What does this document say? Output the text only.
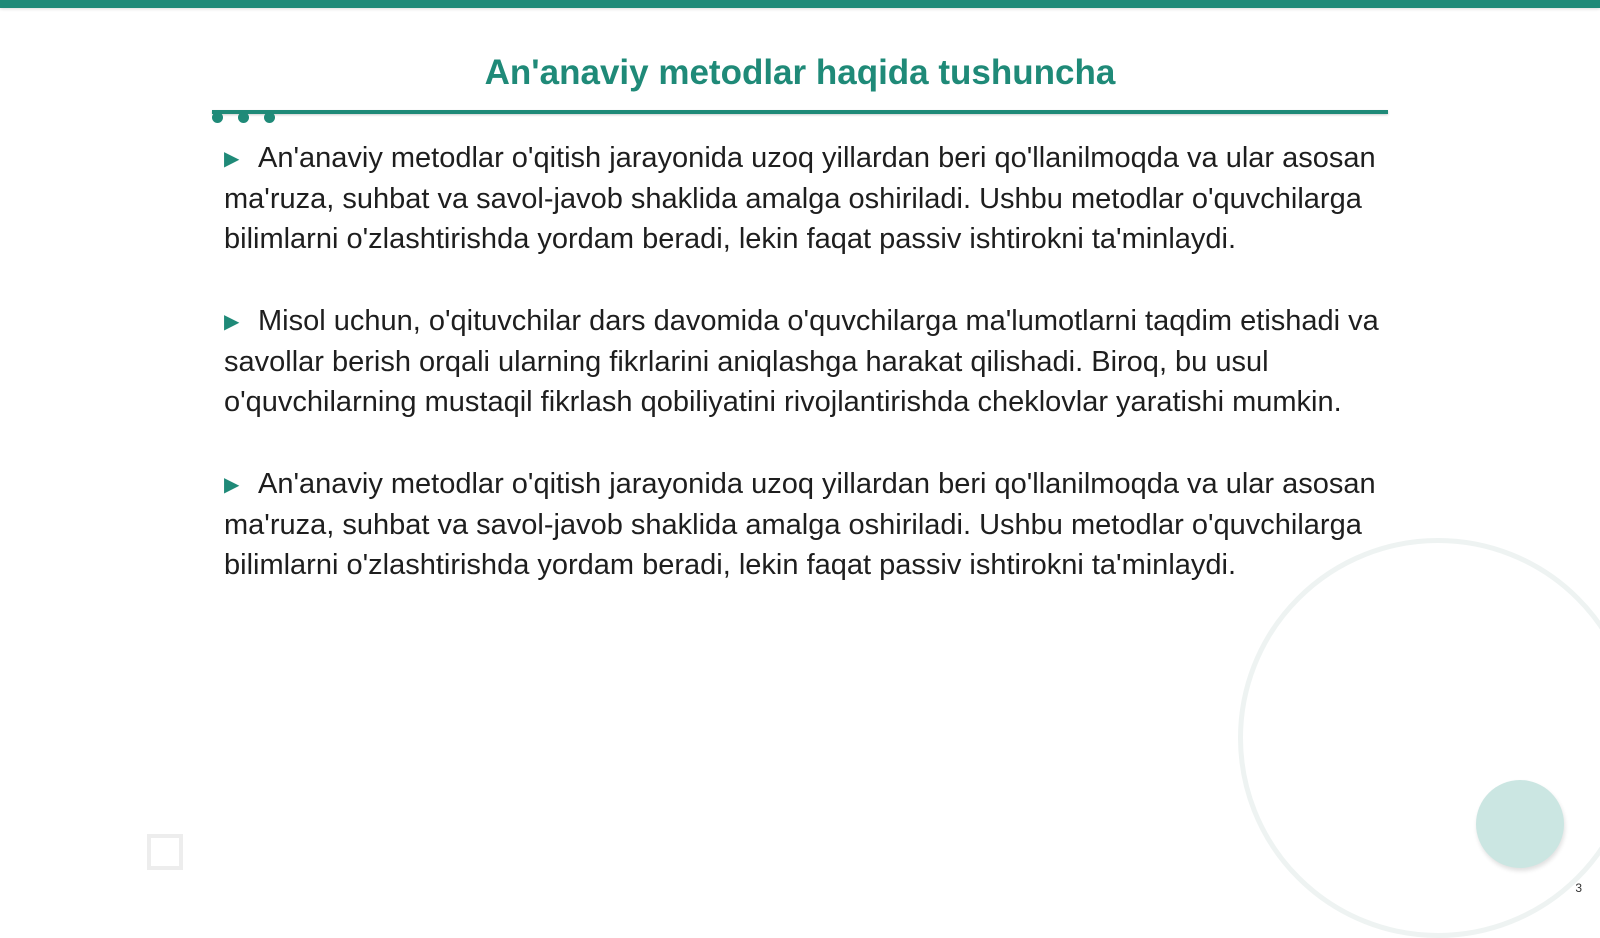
An'anaviy metodlar haqida tushuncha

▶ An'anaviy metodlar o'qitish jarayonida uzoq yillardan beri qo'llanilmoqda va ular asosan ma'ruza, suhbat va savol-javob shaklida amalga oshiriladi. Ushbu metodlar o'quvchilarga bilimlarni o'zlashtirishda yordam beradi, lekin faqat passiv ishtirokni ta'minlaydi.

▶ Misol uchun, o'qituvchilar dars davomida o'quvchilarga ma'lumotlarni taqdim etishadi va savollar berish orqali ularning fikrlarini aniqlashga harakat qilishadi. Biroq, bu usul o'quvchilarning mustaqil fikrlash qobiliyatini rivojlantirishda cheklovlar yaratishi mumkin.

▶ An'anaviy metodlar o'qitish jarayonida uzoq yillardan beri qo'llanilmoqda va ular asosan ma'ruza, suhbat va savol-javob shaklida amalga oshiriladi. Ushbu metodlar o'quvchilarga bilimlarni o'zlashtirishda yordam beradi, lekin faqat passiv ishtirokni ta'minlaydi.

3
